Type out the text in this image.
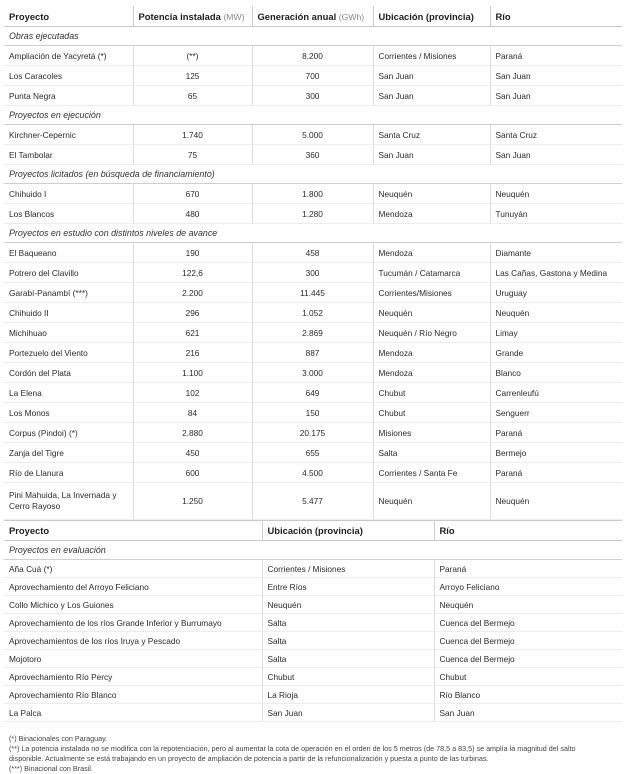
Proyecto	Potencia instalada (MW)	Generación anual (GWh)	Ubicación (provincia)	Río
Obras ejecutadas				
Ampliación de Yacyretá (*)	(**)	8.200	Corrientes / Misiones	Paraná
Los Caracoles	125	700	San Juan	San Juan
Punta Negra	65	300	San Juan	San Juan
Proyectos en ejecución				
Kirchner-Cepernic	1.740	5.000	Santa Cruz	Santa Cruz
El Tambolar	75	360	San Juan	San Juan
Proyectos licitados (en búsqueda de financiamiento)				
Chihuido I	670	1.800	Neuquén	Neuquén
Los Blancos	480	1.280	Mendoza	Tunuyán
Proyectos en estudio con distintos niveles de avance				
El Baqueano	190	458	Mendoza	Diamante
Potrero del Clavillo	122,6	300	Tucumán / Catamarca	Las Cañas, Gastona y Medina
Garabí-Panambí (***)	2.200	11.445	Corrientes/Misiones	Uruguay
Chihuido II	296	1.052	Neuquén	Neuquén
Michihuao	621	2.869	Neuquén / Río Negro	Limay
Portezuelo del Viento	216	887	Mendoza	Grande
Cordón del Plata	1.100	3.000	Mendoza	Blanco
La Elena	102	649	Chubut	Carrenleufú
Los Monos	84	150	Chubut	Senguerr
Corpus (Pindoi) (*)	2.880	20.175	Misiones	Paraná
Zanja del Tigre	450	655	Salta	Bermejo
Río de Llanura	600	4.500	Corrientes / Santa Fe	Paraná
Pini Mahuida, La Invernada y Cerro Rayoso	1.250	5.477	Neuquén	Neuquén
Proyecto	Ubicación (provincia)	Río
Proyectos en evaluación		
Aña Cuá (*)	Corrientes / Misiones	Paraná
Aprovechamiento del Arroyo Feliciano	Entre Ríos	Arroyo Feliciano
Collo Michico y Los Guiones	Neuquén	Neuquén
Aprovechamiento de los ríos Grande Inferior y Burrumayo	Salta	Cuenca del Bermejo
Aprovechamientos de los ríos Iruya y Pescado	Salta	Cuenca del Bermejo
Mojotoro	Salta	Cuenca del Bermejo
Aprovechamiento Río Percy	Chubut	Chubut
Aprovechamiento Río Blanco	La Rioja	Río Blanco
La Palca	San Juan	San Juan

(*) Binacionales con Paraguay.

(**) La potencia instalada no se modifica con la repotenciación, pero al aumentar la cota de operación en el orden de los 5 metros (de 78,5 a 83,5) se amplía la magnitud del salto disponible. Actualmente se está trabajando en un proyecto de ampliación de potencia a partir de la refuncionalización y puesta a punto de las turbinas.

(***) Binacional con Brasil.
